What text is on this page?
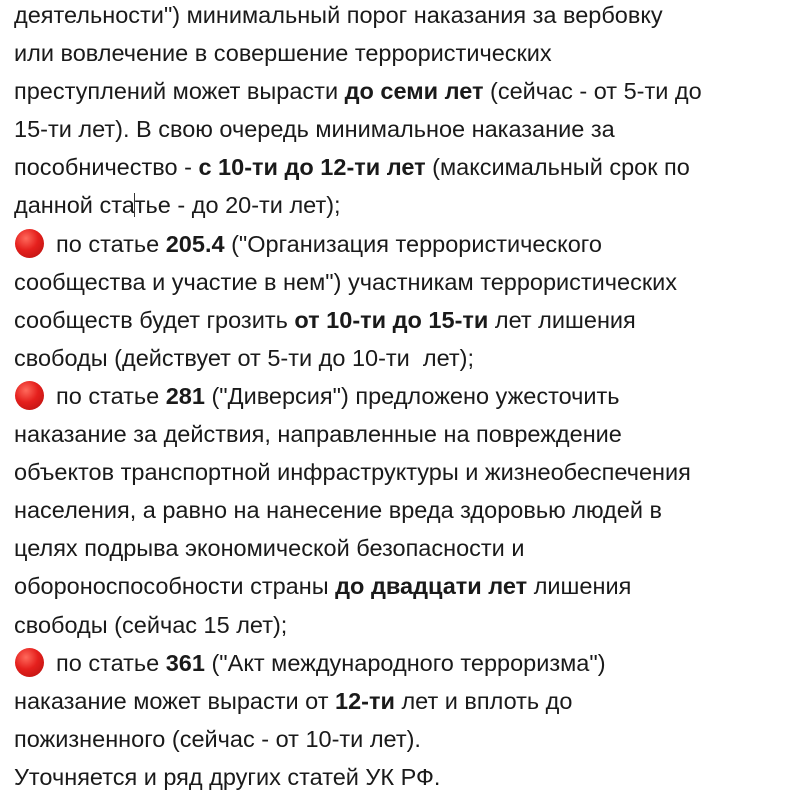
деятельности") минимальный порог наказания за вербовку
или вовлечение в совершение террористических
преступлений может вырасти до семи лет (сейчас - от 5-ти до
15-ти лет). В свою очередь минимальное наказание за
пособничество - с 10-ти до 12-ти лет (максимальный срок по
данной статье - до 20-ти лет);
по статье 205.4 ("Организация террористического
сообщества и участие в нем") участникам террористических
сообществ будет грозить от 10-ти до 15-ти лет лишения
свободы (действует от 5-ти до 10-ти  лет);
по статье 281 ("Диверсия") предложено ужесточить
наказание за действия, направленные на повреждение
объектов транспортной инфраструктуры и жизнеобеспечения
населения, а равно на нанесение вреда здоровью людей в
целях подрыва экономической безопасности и
обороноспособности страны до двадцати лет лишения
свободы (сейчас 15 лет);
по статье 361 ("Акт международного терроризма")
наказание может вырасти от 12-ти лет и вплоть до
пожизненного (сейчас - от 10-ти лет).
Уточняется и ряд других статей УК РФ.
